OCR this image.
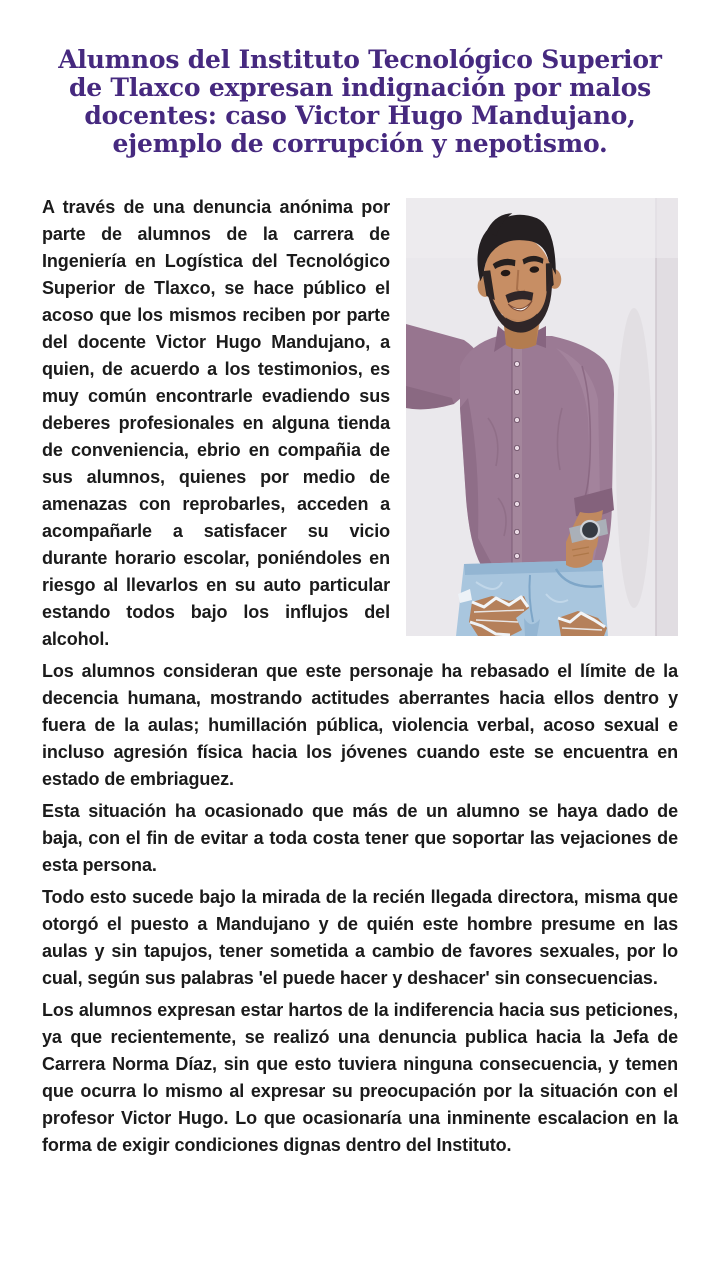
Alumnos del Instituto Tecnológico Superior
de Tlaxco expresan indignación por malos
docentes: caso Victor Hugo Mandujano,
ejemplo de corrupción y nepotismo.

A través de una denuncia anónima por parte de alumnos de la carrera de Ingeniería en Logística del Tecnológico Superior de Tlaxco, se hace público el acoso que los mismos reciben por parte del docente Victor Hugo Mandujano, a quien, de acuerdo a los testimonios, es muy común encontrarle evadiendo sus deberes profesionales en alguna tienda de conveniencia, ebrio en compañia de sus alumnos, quienes por medio de amenazas con reprobarles, acceden a acompañarle a satisfacer su vicio durante horario escolar, poniéndoles en riesgo al llevarlos en su auto particular estando todos bajo los influjos del alcohol.

Los alumnos consideran que este personaje ha rebasado el límite de la decencia humana, mostrando actitudes aberrantes hacia ellos dentro y fuera de la aulas; humillación pública, violencia verbal, acoso sexual e incluso agresión física hacia los jóvenes cuando este se encuentra en estado de embriaguez.

Esta situación ha ocasionado que más de un alumno se haya dado de baja, con el fin de evitar a toda costa tener que soportar las vejaciones de esta persona.

Todo esto sucede bajo la mirada de la recién llegada directora, misma que otorgó el puesto a Mandujano y de quién este hombre presume en las aulas y sin tapujos, tener sometida a cambio de favores sexuales, por lo cual, según sus palabras 'el puede hacer y deshacer' sin consecuencias.

Los alumnos expresan estar hartos de la indiferencia hacia sus peticiones, ya que recientemente, se realizó una denuncia publica hacia la Jefa de Carrera Norma Díaz, sin que esto tuviera ninguna consecuencia, y temen que ocurra lo mismo al expresar su preocupación por la situación con el profesor Victor Hugo. Lo que ocasionaría una inminente escalacion en la forma de exigir condiciones dignas dentro del Instituto.
